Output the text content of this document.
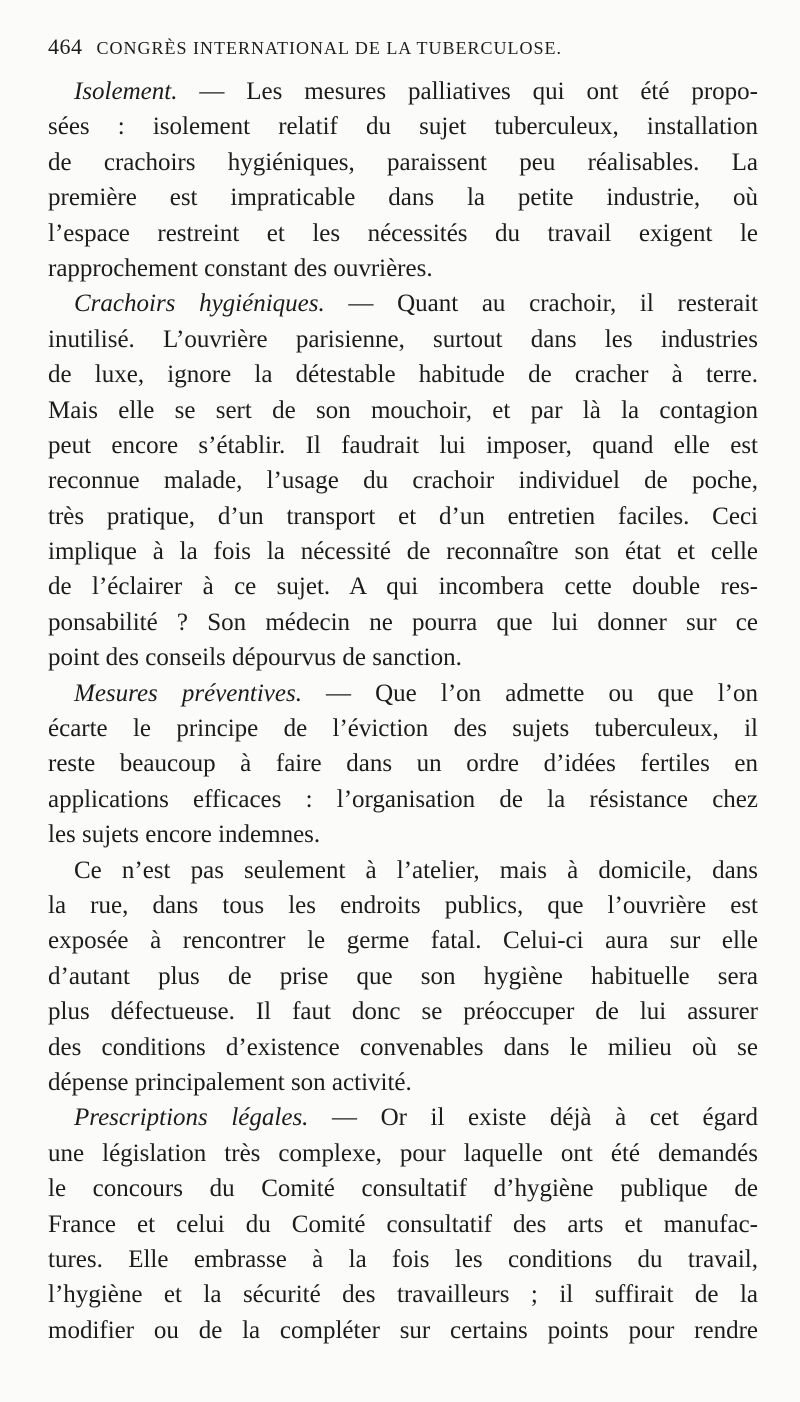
464 CONGRÈS INTERNATIONAL DE LA TUBERCULOSE.
Isolement. — Les mesures palliatives qui ont été propo-
sées : isolement relatif du sujet tuberculeux, installation
de crachoirs hygiéniques, paraissent peu réalisables. La
première est impraticable dans la petite industrie, où
l’espace restreint et les nécessités du travail exigent le
rapprochement constant des ouvrières.
Crachoirs hygiéniques. — Quant au crachoir, il resterait
inutilisé. L’ouvrière parisienne, surtout dans les industries
de luxe, ignore la détestable habitude de cracher à terre.
Mais elle se sert de son mouchoir, et par là la contagion
peut encore s’établir. Il faudrait lui imposer, quand elle est
reconnue malade, l’usage du crachoir individuel de poche,
très pratique, d’un transport et d’un entretien faciles. Ceci
implique à la fois la nécessité de reconnaître son état et celle
de l’éclairer à ce sujet. A qui incombera cette double res-
ponsabilité ? Son médecin ne pourra que lui donner sur ce
point des conseils dépourvus de sanction.
Mesures préventives. — Que l’on admette ou que l’on
écarte le principe de l’éviction des sujets tuberculeux, il
reste beaucoup à faire dans un ordre d’idées fertiles en
applications efficaces : l’organisation de la résistance chez
les sujets encore indemnes.
Ce n’est pas seulement à l’atelier, mais à domicile, dans
la rue, dans tous les endroits publics, que l’ouvrière est
exposée à rencontrer le germe fatal. Celui-ci aura sur elle
d’autant plus de prise que son hygiène habituelle sera
plus défectueuse. Il faut donc se préoccuper de lui assurer
des conditions d’existence convenables dans le milieu où se
dépense principalement son activité.
Prescriptions légales. — Or il existe déjà à cet égard
une législation très complexe, pour laquelle ont été demandés
le concours du Comité consultatif d’hygiène publique de
France et celui du Comité consultatif des arts et manufac-
tures. Elle embrasse à la fois les conditions du travail,
l’hygiène et la sécurité des travailleurs ; il suffirait de la
modifier ou de la compléter sur certains points pour rendre
